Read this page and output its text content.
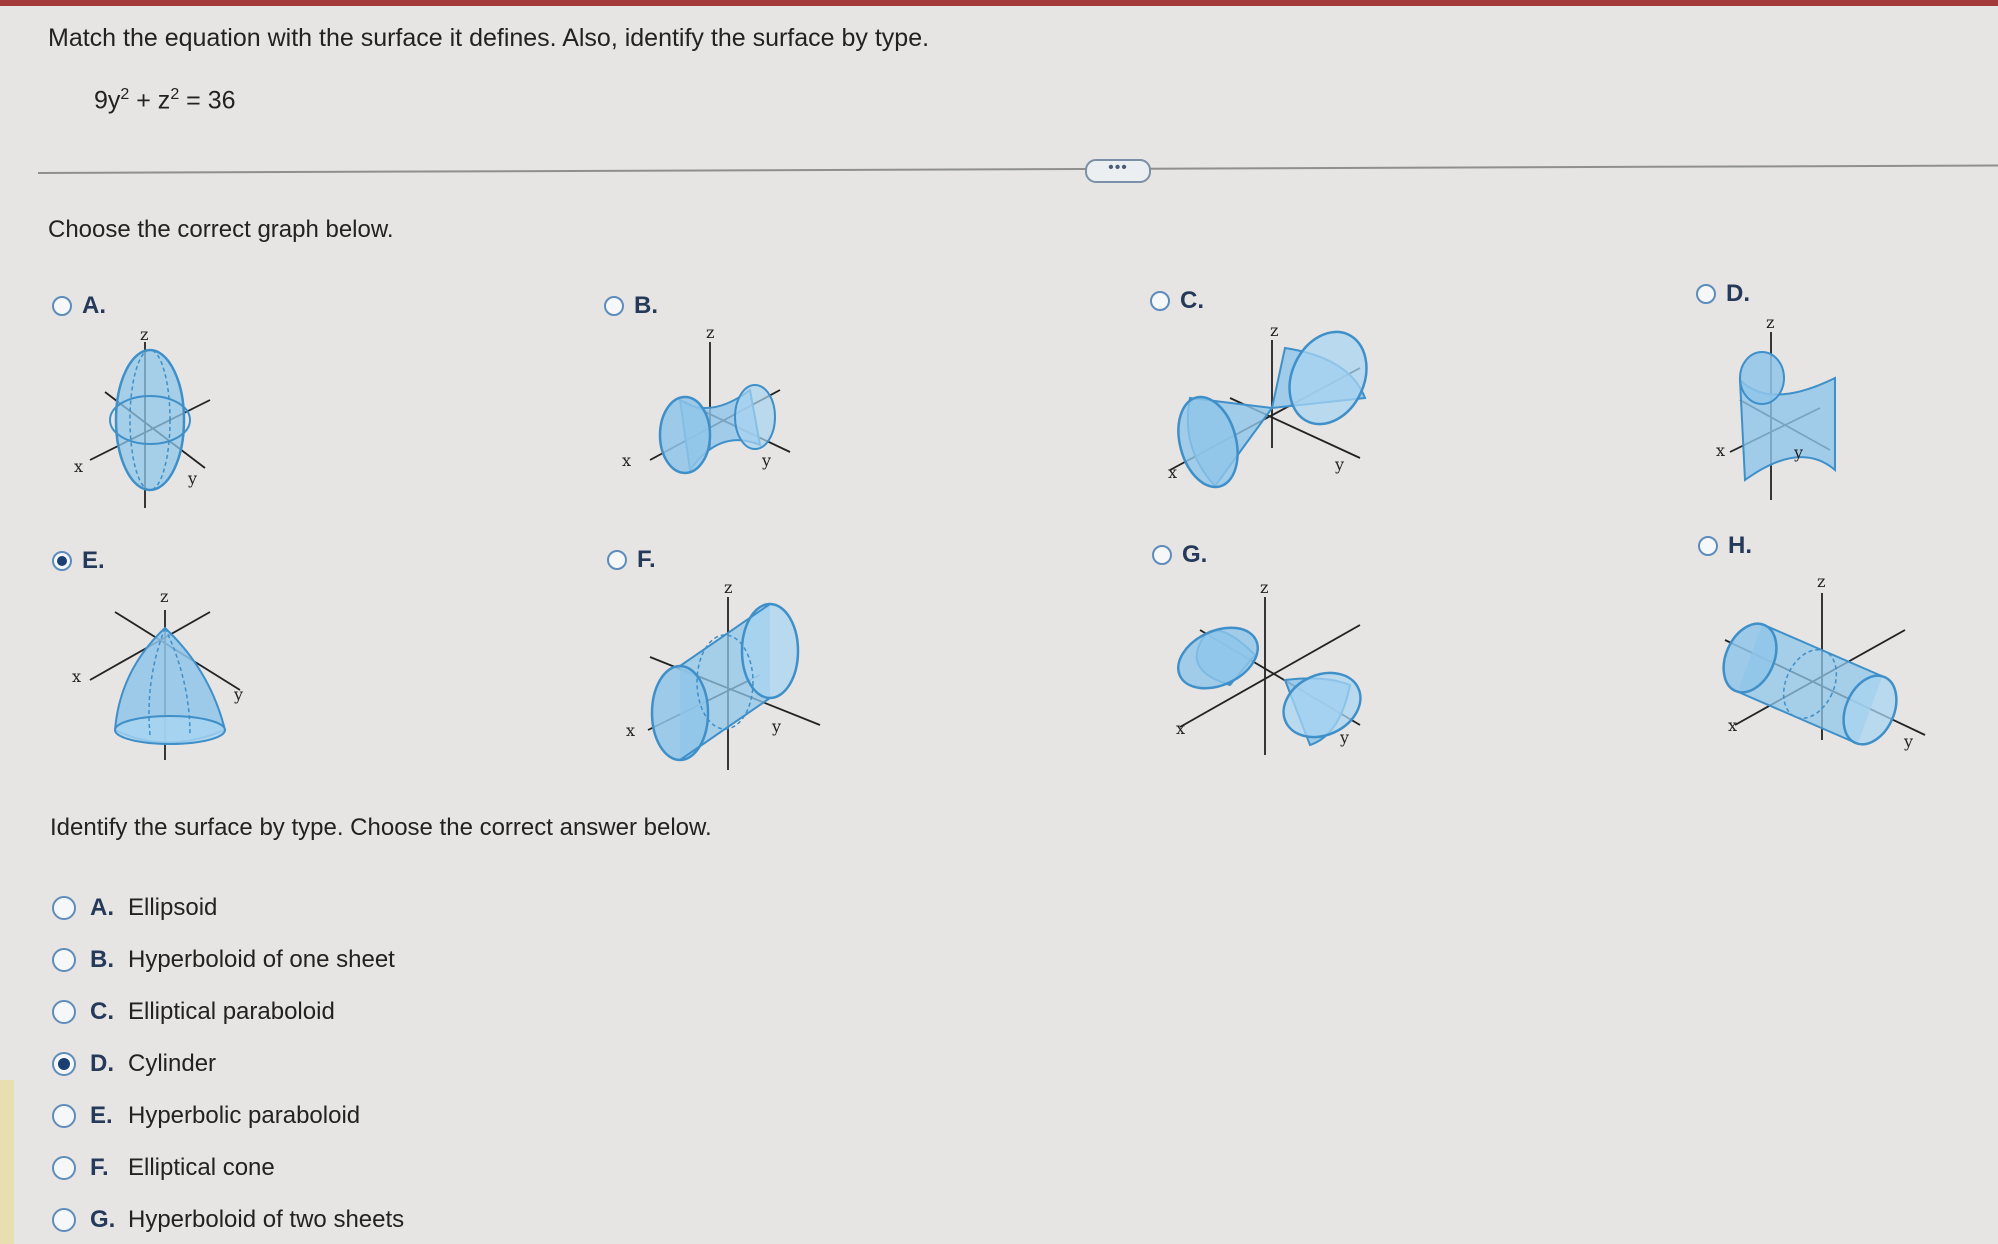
Match the equation with the surface it defines. Also, identify the surface by type.
$9y^2 + z^2 = 36$
•••
Choose the correct graph below.
A.	B.	C.	D.
E.	F.	G.	H.
z
x
y
z
x	y
z
x	y
z
x	y
z
x
y
z
x	y
z
x	y
z
x
y
Identify the surface by type. Choose the correct answer below.
A. Ellipsoid
B. Hyperboloid of one sheet
C. Elliptical paraboloid
D. Cylinder
E. Hyperbolic paraboloid
F. Elliptical cone
G. Hyperboloid of two sheets
